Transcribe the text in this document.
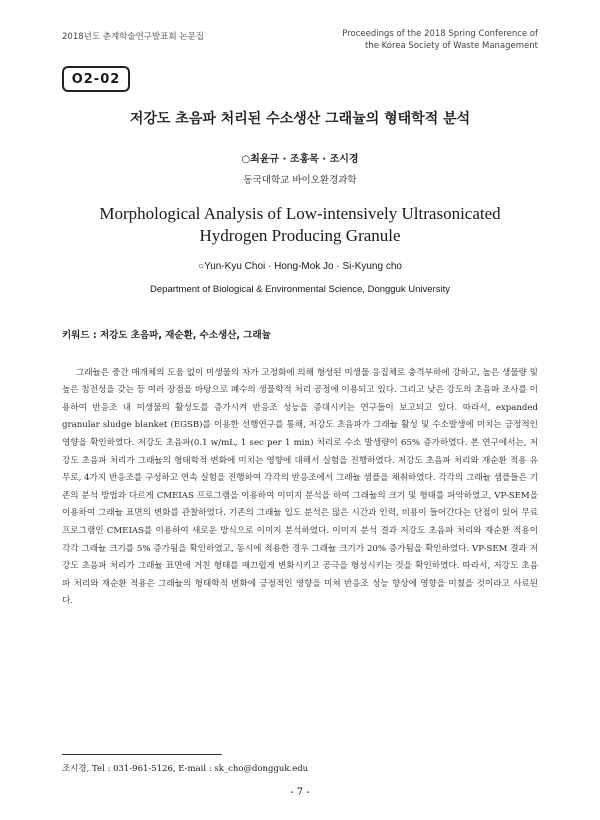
2018년도 춘계학술연구발표회 논문집	Proceedings of the 2018 Spring Conference of
the Korea Society of Waste Management
O2-02
저강도 초음파 처리된 수소생산 그래뉼의 형태학적 분석
○최윤규 · 조홍목 · 조시경
동국대학교 바이오환경과학
Morphological Analysis of Low-intensively Ultrasonicated
Hydrogen Producing Granule
○Yun-Kyu Choi · Hong-Mok Jo · Si-Kyung cho
Department of Biological & Environmental Science, Dongguk University
키워드 : 저강도 초음파, 재순환, 수소생산, 그래뉼

그래뉼은 중간 매개체의 도움 없이 미생물의 자가 고정화에 의해 형성된 미생물 응집체로 충격부하에 강하고, 높은 생물량 및 높은 침전성을 갖는 등 여러 장점을 바탕으로 폐수의 생물학적 처리 공정에 이용되고 있다. 그리고 낮은 강도의 초음파 조사를 이용하여 반응조 내 미생물의 활성도를 증가시켜 반응조 성능을 증대시키는 연구들이 보고되고 있다. 따라서, expanded granular sludge blanket (EGSB)를 이용한 선행연구를 통해, 저강도 초음파가 그래뉼 활성 및 수소발생에 미치는 긍정적인 영향을 확인하였다. 저강도 초음파(0.1 w/mL, 1 sec per 1 min) 처리로 수소 발생량이 65% 증가하였다. 본 연구에서는, 저강도 초음파 처리가 그래뉼의 형태학적 변화에 미치는 영향에 대해서 실험을 진행하였다. 저강도 초음파 처리와 재순환 적용 유무로, 4가지 반응조를 구성하고 연속 실험을 진행하여 각각의 반응조에서 그래뉼 샘플을 채취하였다. 각각의 그래뉼 샘플들은 기존의 분석 방법과 다르게 CMEIAS 프로그램을 이용하여 이미지 분석을 하여 그래뉼의 크기 및 형태를 파악하였고, VP-SEM을 이용하여 그래뉼 표면의 변화를 관찰하였다. 기존의 그래뉼 입도 분석은 많은 시간과 인력, 비용이 들어간다는 단점이 있어 무료 프로그램인 CMEIAS를 이용하여 새로운 방식으로 이미지 분석하였다. 이미지 분석 결과 저강도 초음파 처리와 재순환 적용이 각각 그래뉼 크기를 5% 증가됨을 확인하였고, 동시에 적용한 경우 그래뉼 크기가 20% 증가됨을 확인하였다. VP-SEM 결과 저강도 초음파 처리가 그래뉼 표면에 거친 형태를 매끄럽게 변화시키고 공극을 형성시키는 것을 확인하였다. 따라서, 저강도 초음파 처리와 재순환 적용은 그래뉼의 형태학적 변화에 긍정적인 영향을 미쳐 반응조 성능 향상에 영향을 미쳤을 것이라고 사료된다.

조시경, Tel : 031-961-5126, E-mail : sk_cho@dongguk.edu
- 7 -
